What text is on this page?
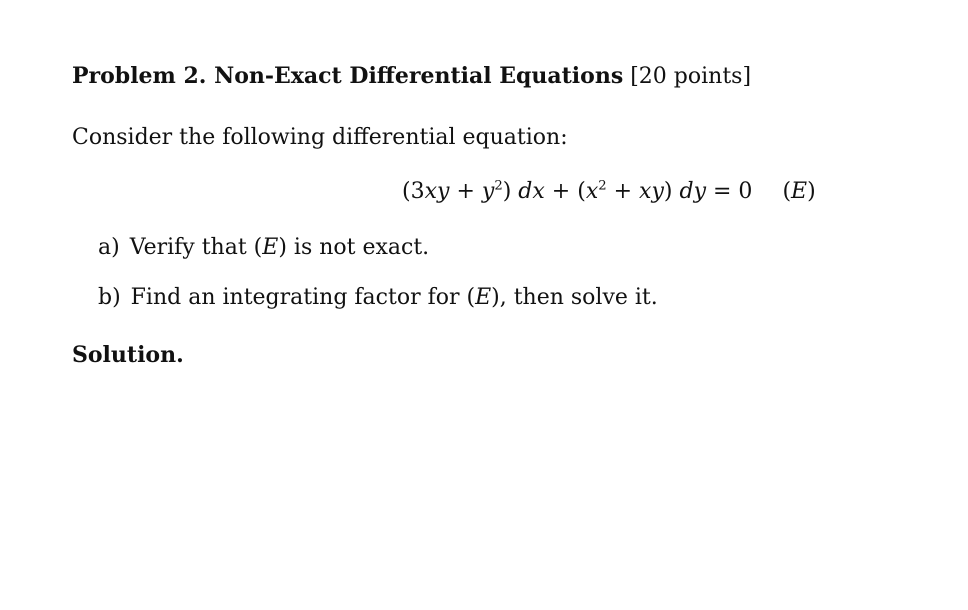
Problem 2. Non-Exact Differential Equations [20 points]
Consider the following differential equation:
$(3xy + y^2)$ dx + $(x^2 + xy)$ dy = 0 (E)
a) Verify that (E) is not exact.
b) Find an integrating factor for (E), then solve it.
Solution.
